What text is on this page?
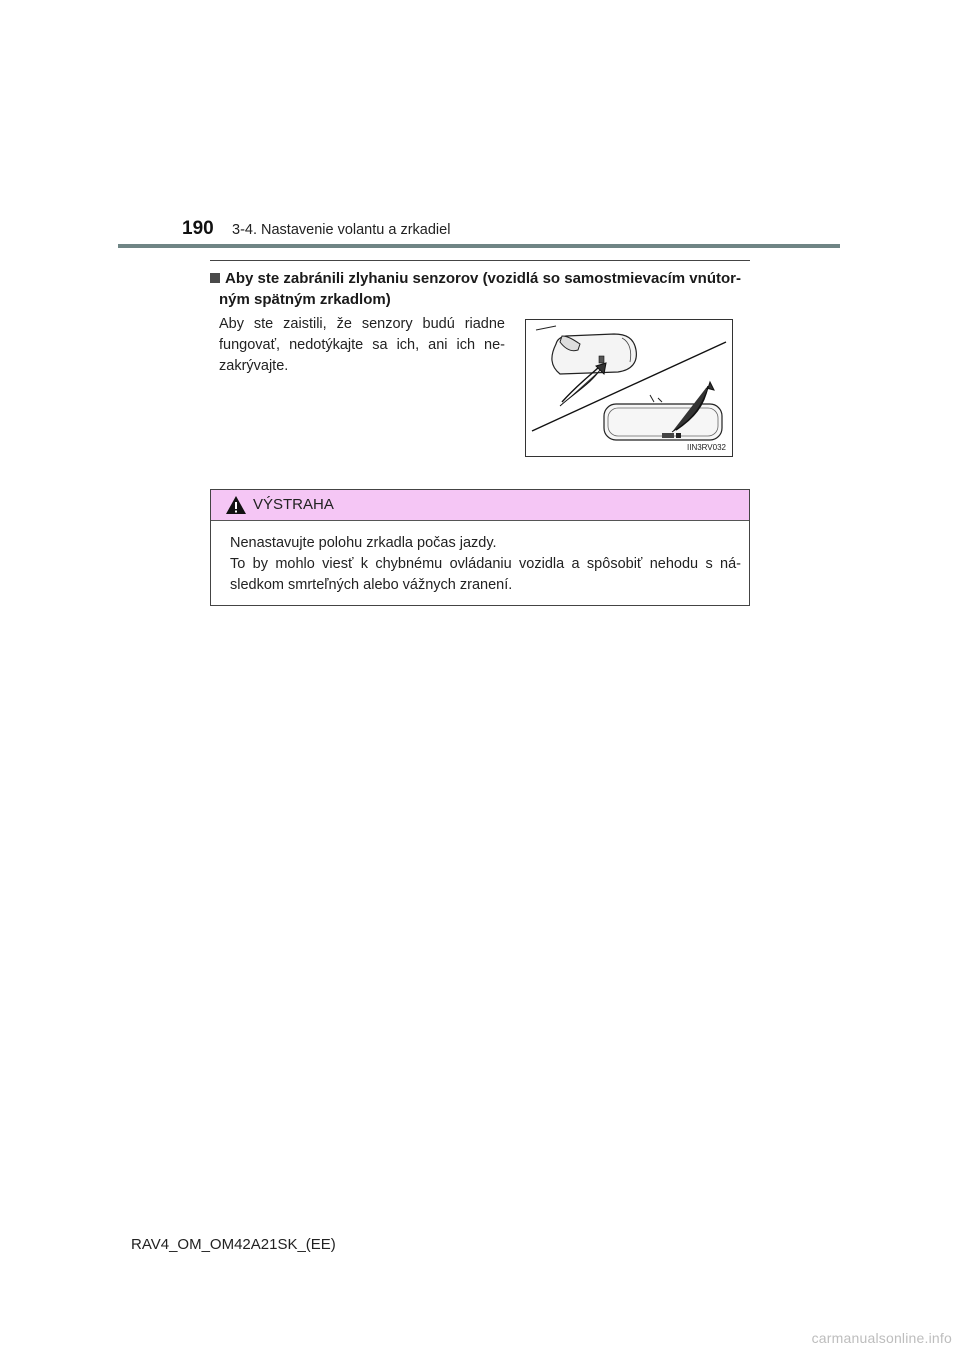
190 3-4. Nastavenie volantu a zrkadiel
Aby ste zabránili zlyhaniu senzorov (vozidlá so samostmievacím vnútor-
ným spätným zrkadlom)
Aby ste zaistili, že senzory budú riadne fungovať, nedotýkajte sa ich, ani ich ne-zakrývajte.
IIN3RV032
VÝSTRAHA
Nenastavujte polohu zrkadla počas jazdy.
To by mohlo viesť k chybnému ovládaniu vozidla a spôsobiť nehodu s ná-
sledkom smrteľných alebo vážnych zranení.
RAV4_OM_OM42A21SK_(EE)
carmanualsonline.info
